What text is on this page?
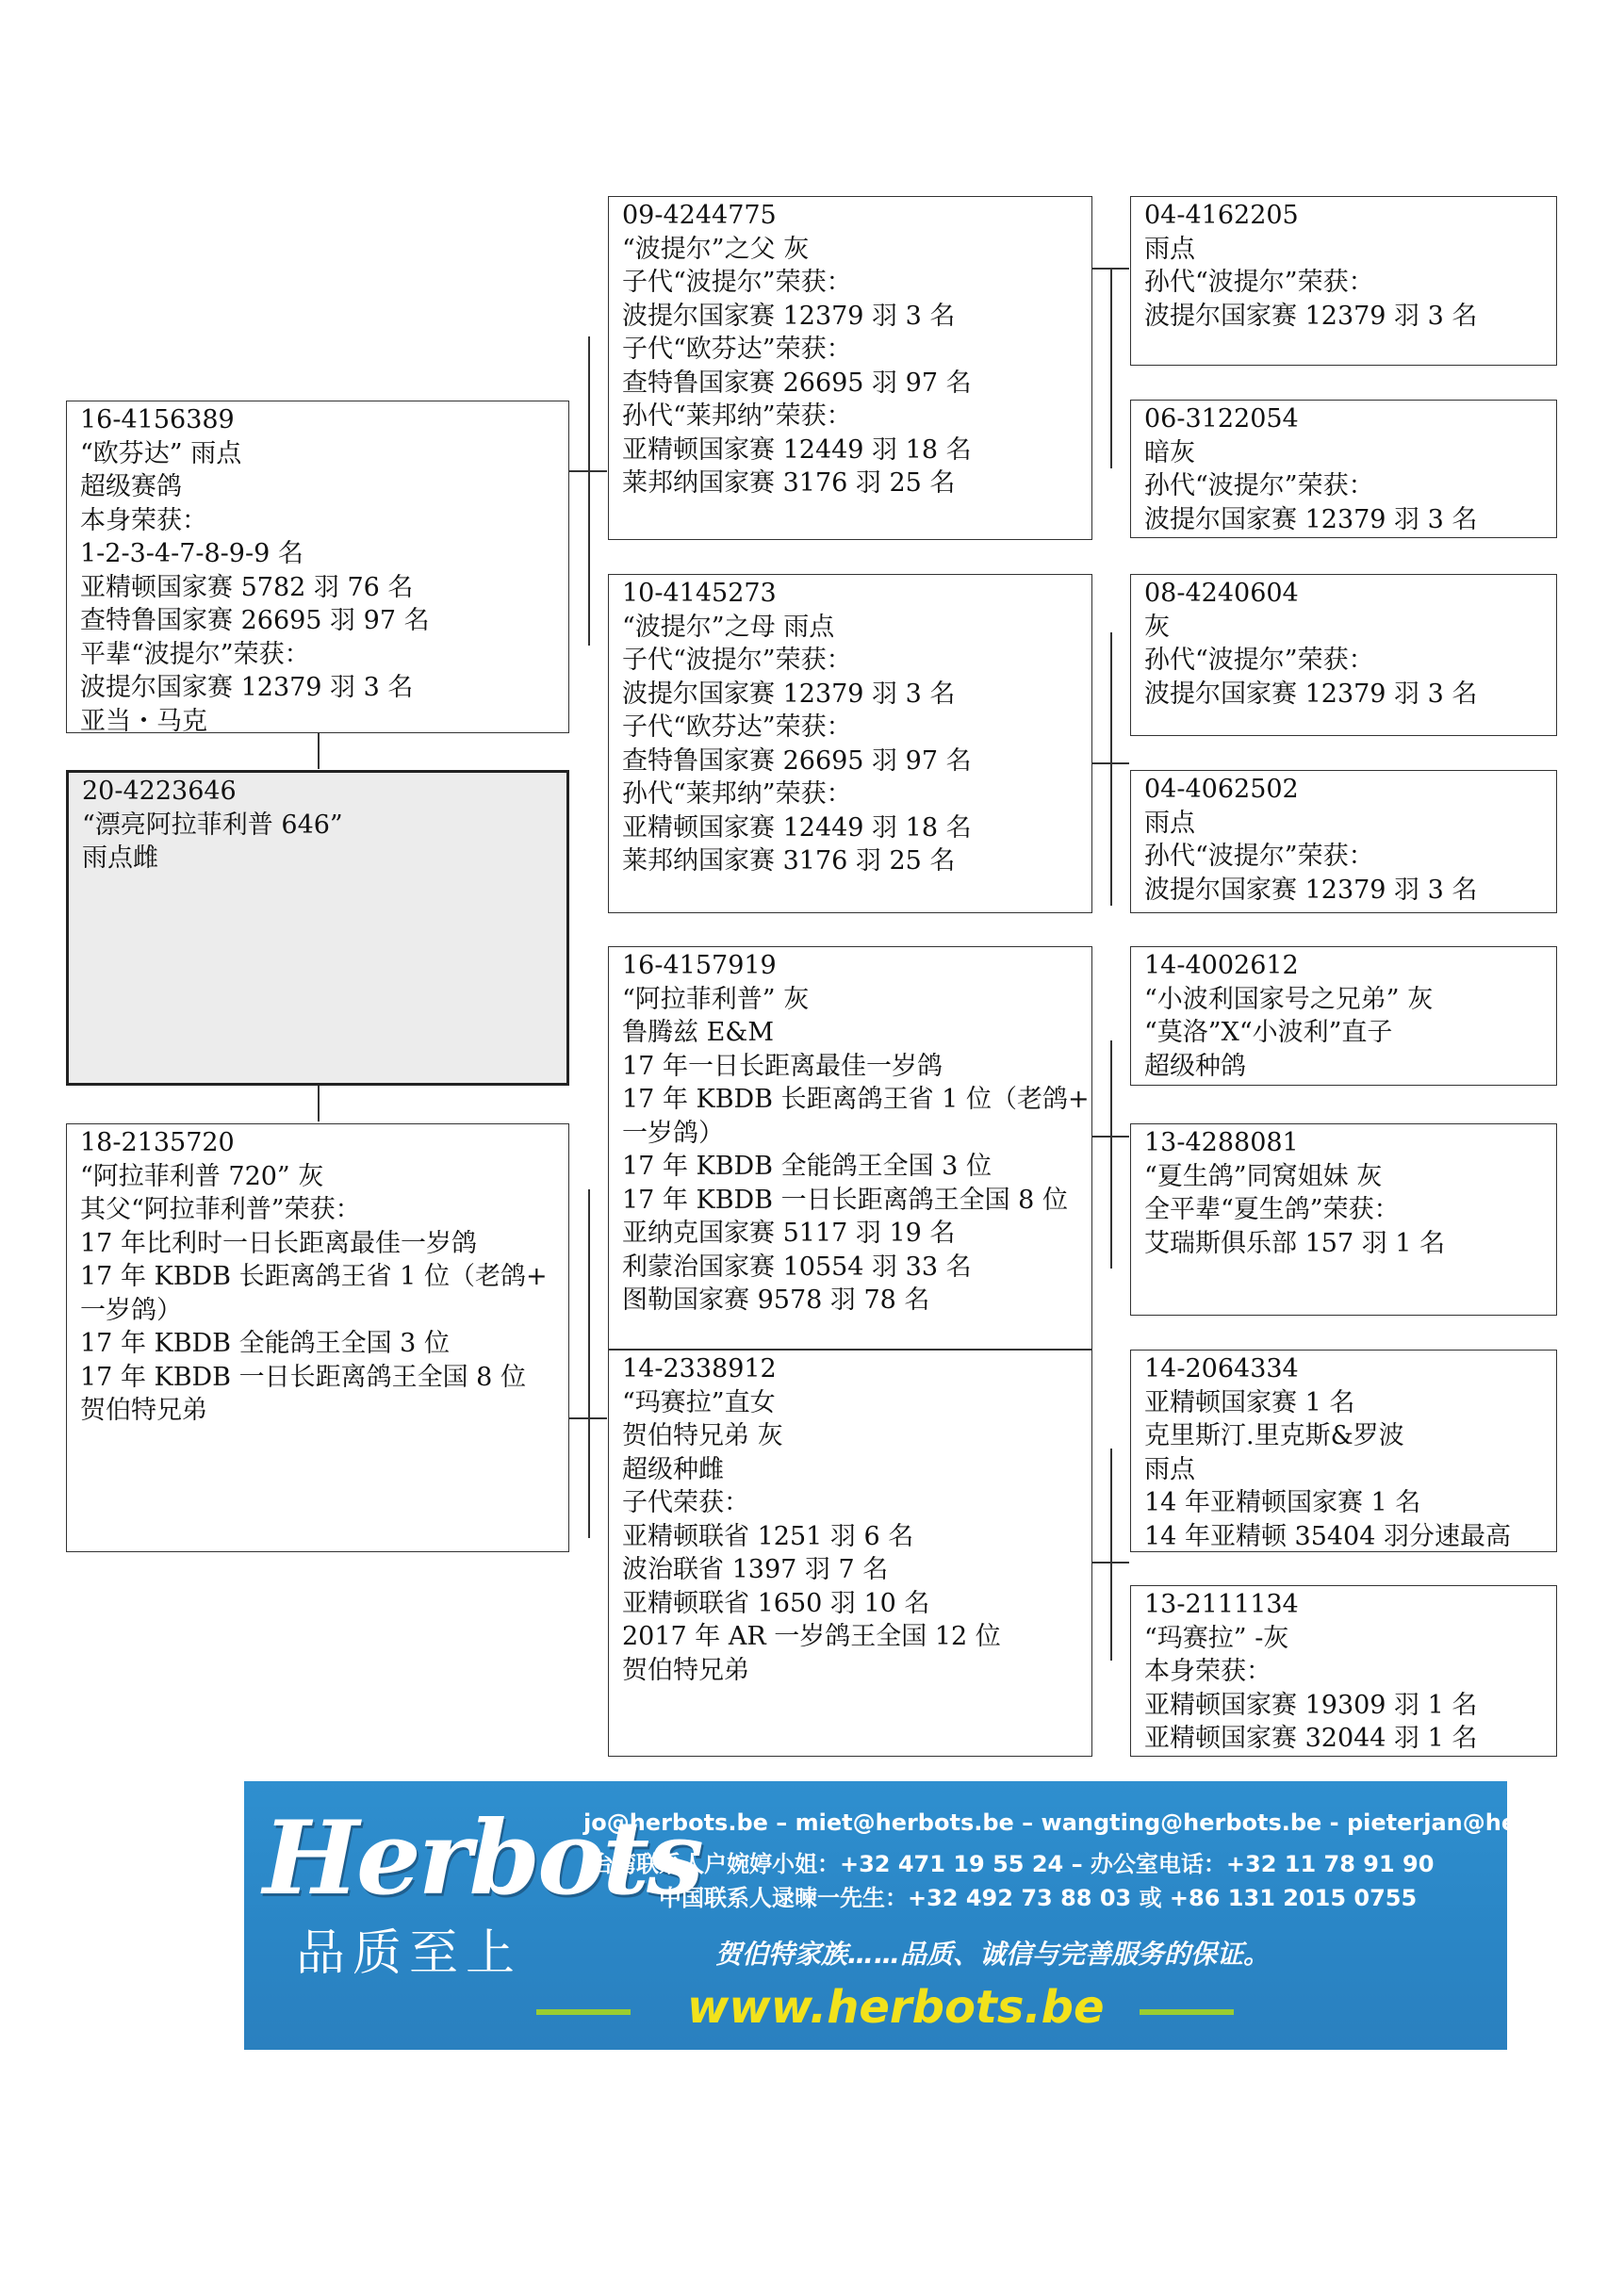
16-4156389
“欧芬达” 雨点
超级赛鸽
本身荣获：
1-2-3-4-7-8-9-9 名
亚精顿国家赛 5782 羽 76 名
查特鲁国家赛 26695 羽 97 名
平辈“波提尔”荣获：
波提尔国家赛 12379 羽 3 名
亚当・马克
20-4223646
“漂亮阿拉菲利普 646”
雨点雌
18-2135720
“阿拉菲利普 720” 灰
其父“阿拉菲利普”荣获：
17 年比利时一日长距离最佳一岁鸽
17 年 KBDB 长距离鸽王省 1 位（老鸽+
一岁鸽）
17 年 KBDB 全能鸽王全国 3 位
17 年 KBDB 一日长距离鸽王全国 8 位
贺伯特兄弟
09-4244775
“波提尔”之父 灰
子代“波提尔”荣获：
波提尔国家赛 12379 羽 3 名
子代“欧芬达”荣获：
查特鲁国家赛 26695 羽 97 名
孙代“莱邦纳”荣获：
亚精顿国家赛 12449 羽 18 名
莱邦纳国家赛 3176 羽 25 名
10-4145273
“波提尔”之母 雨点
子代“波提尔”荣获：
波提尔国家赛 12379 羽 3 名
子代“欧芬达”荣获：
查特鲁国家赛 26695 羽 97 名
孙代“莱邦纳”荣获：
亚精顿国家赛 12449 羽 18 名
莱邦纳国家赛 3176 羽 25 名
16-4157919
“阿拉菲利普” 灰
鲁腾兹 E&M
17 年一日长距离最佳一岁鸽
17 年 KBDB 长距离鸽王省 1 位（老鸽+
一岁鸽）
17 年 KBDB 全能鸽王全国 3 位
17 年 KBDB 一日长距离鸽王全国 8 位
亚纳克国家赛 5117 羽 19 名
利蒙治国家赛 10554 羽 33 名
图勒国家赛 9578 羽 78 名
14-2338912
“玛赛拉”直女
贺伯特兄弟 灰
超级种雌
子代荣获：
亚精顿联省 1251 羽 6 名
波治联省 1397 羽 7 名
亚精顿联省 1650 羽 10 名
2017 年 AR 一岁鸽王全国 12 位
贺伯特兄弟
04-4162205
雨点
孙代“波提尔”荣获：
波提尔国家赛 12379 羽 3 名
06-3122054
暗灰
孙代“波提尔”荣获：
波提尔国家赛 12379 羽 3 名
08-4240604
灰
孙代“波提尔”荣获：
波提尔国家赛 12379 羽 3 名
04-4062502
雨点
孙代“波提尔”荣获：
波提尔国家赛 12379 羽 3 名
14-4002612
“小波利国家号之兄弟” 灰
“莫洛”X“小波利”直子
超级种鸽
13-4288081
“夏生鸽”同窝姐妹 灰
全平辈“夏生鸽”荣获：
艾瑞斯俱乐部 157 羽 1 名
14-2064334
亚精顿国家赛 1 名
克里斯汀.里克斯&罗波
雨点
14 年亚精顿国家赛 1 名
14 年亚精顿 35404 羽分速最高
13-2111134
“玛赛拉” -灰
本身荣获：
亚精顿国家赛 19309 羽 1 名
亚精顿国家赛 32044 羽 1 名
Herbots
品质至上
jo@herbots.be – miet@herbots.be – wangting@herbots.be - pieterjan@herbots.be
台湾联系人户婉婷小姐：+32 471 19 55 24 – 办公室电话：+32 11 78 91 90
中国联系人逯暕一先生：+32 492 73 88 03 或 +86 131 2015 0755
贺伯特家族……品质、诚信与完善服务的保证。
www.herbots.be
